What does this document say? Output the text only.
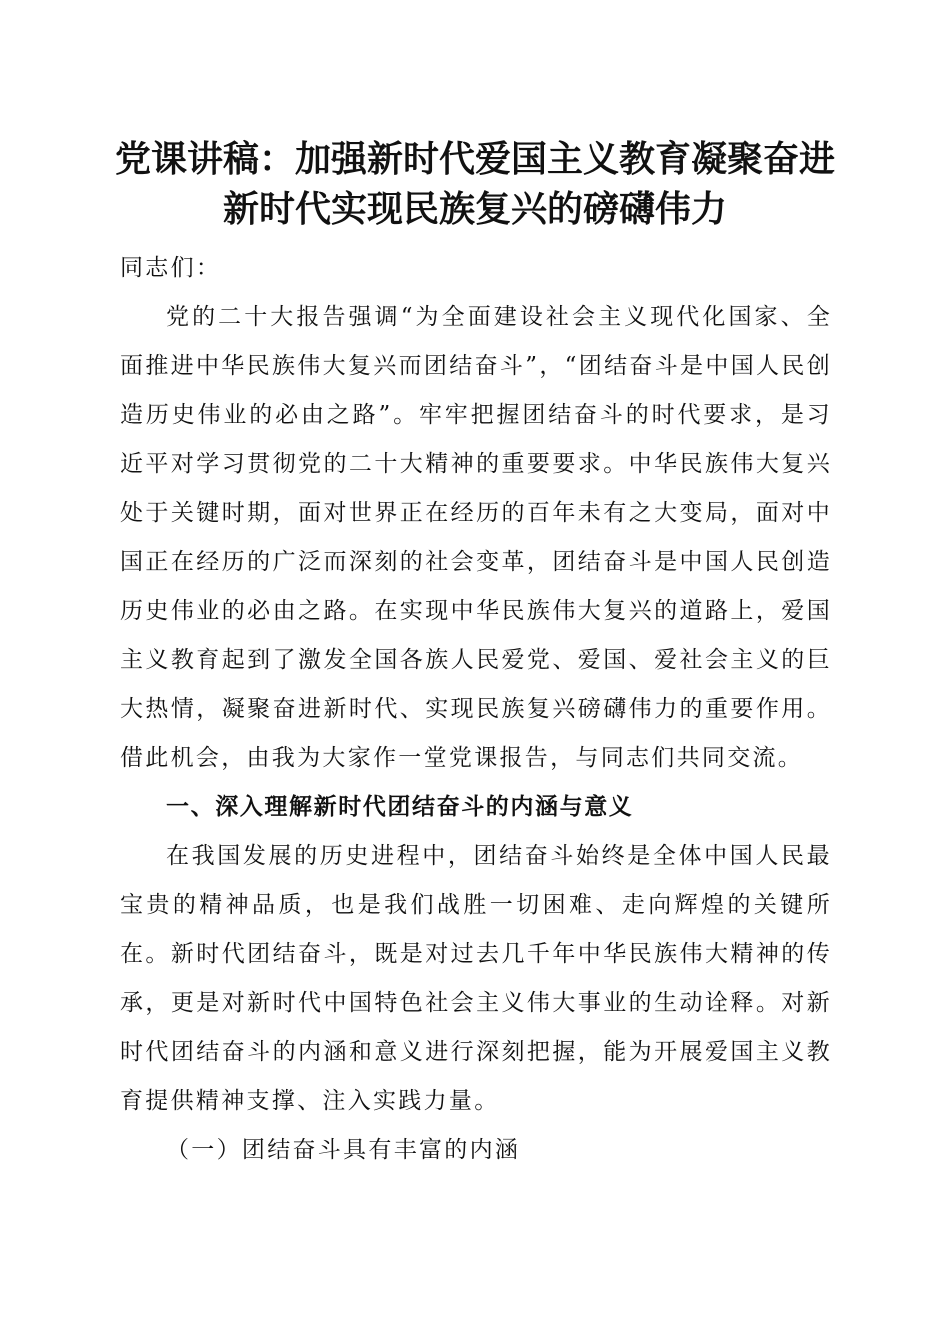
党课讲稿：加强新时代爱国主义教育凝聚奋进
新时代实现民族复兴的磅礴伟力

同志们：

党的二十大报告强调“为全面建设社会主义现代化国家、全面推进中华民族伟大复兴而团结奋斗”，“团结奋斗是中国人民创造历史伟业的必由之路”。牢牢把握团结奋斗的时代要求，是习近平对学习贯彻党的二十大精神的重要要求。中华民族伟大复兴处于关键时期，面对世界正在经历的百年未有之大变局，面对中国正在经历的广泛而深刻的社会变革，团结奋斗是中国人民创造历史伟业的必由之路。在实现中华民族伟大复兴的道路上，爱国主义教育起到了激发全国各族人民爱党、爱国、爱社会主义的巨大热情，凝聚奋进新时代、实现民族复兴磅礴伟力的重要作用。借此机会，由我为大家作一堂党课报告，与同志们共同交流。

一、深入理解新时代团结奋斗的内涵与意义

在我国发展的历史进程中，团结奋斗始终是全体中国人民最宝贵的精神品质，也是我们战胜一切困难、走向辉煌的关键所在。新时代团结奋斗，既是对过去几千年中华民族伟大精神的传承，更是对新时代中国特色社会主义伟大事业的生动诠释。对新时代团结奋斗的内涵和意义进行深刻把握，能为开展爱国主义教育提供精神支撑、注入实践力量。

（一）团结奋斗具有丰富的内涵
